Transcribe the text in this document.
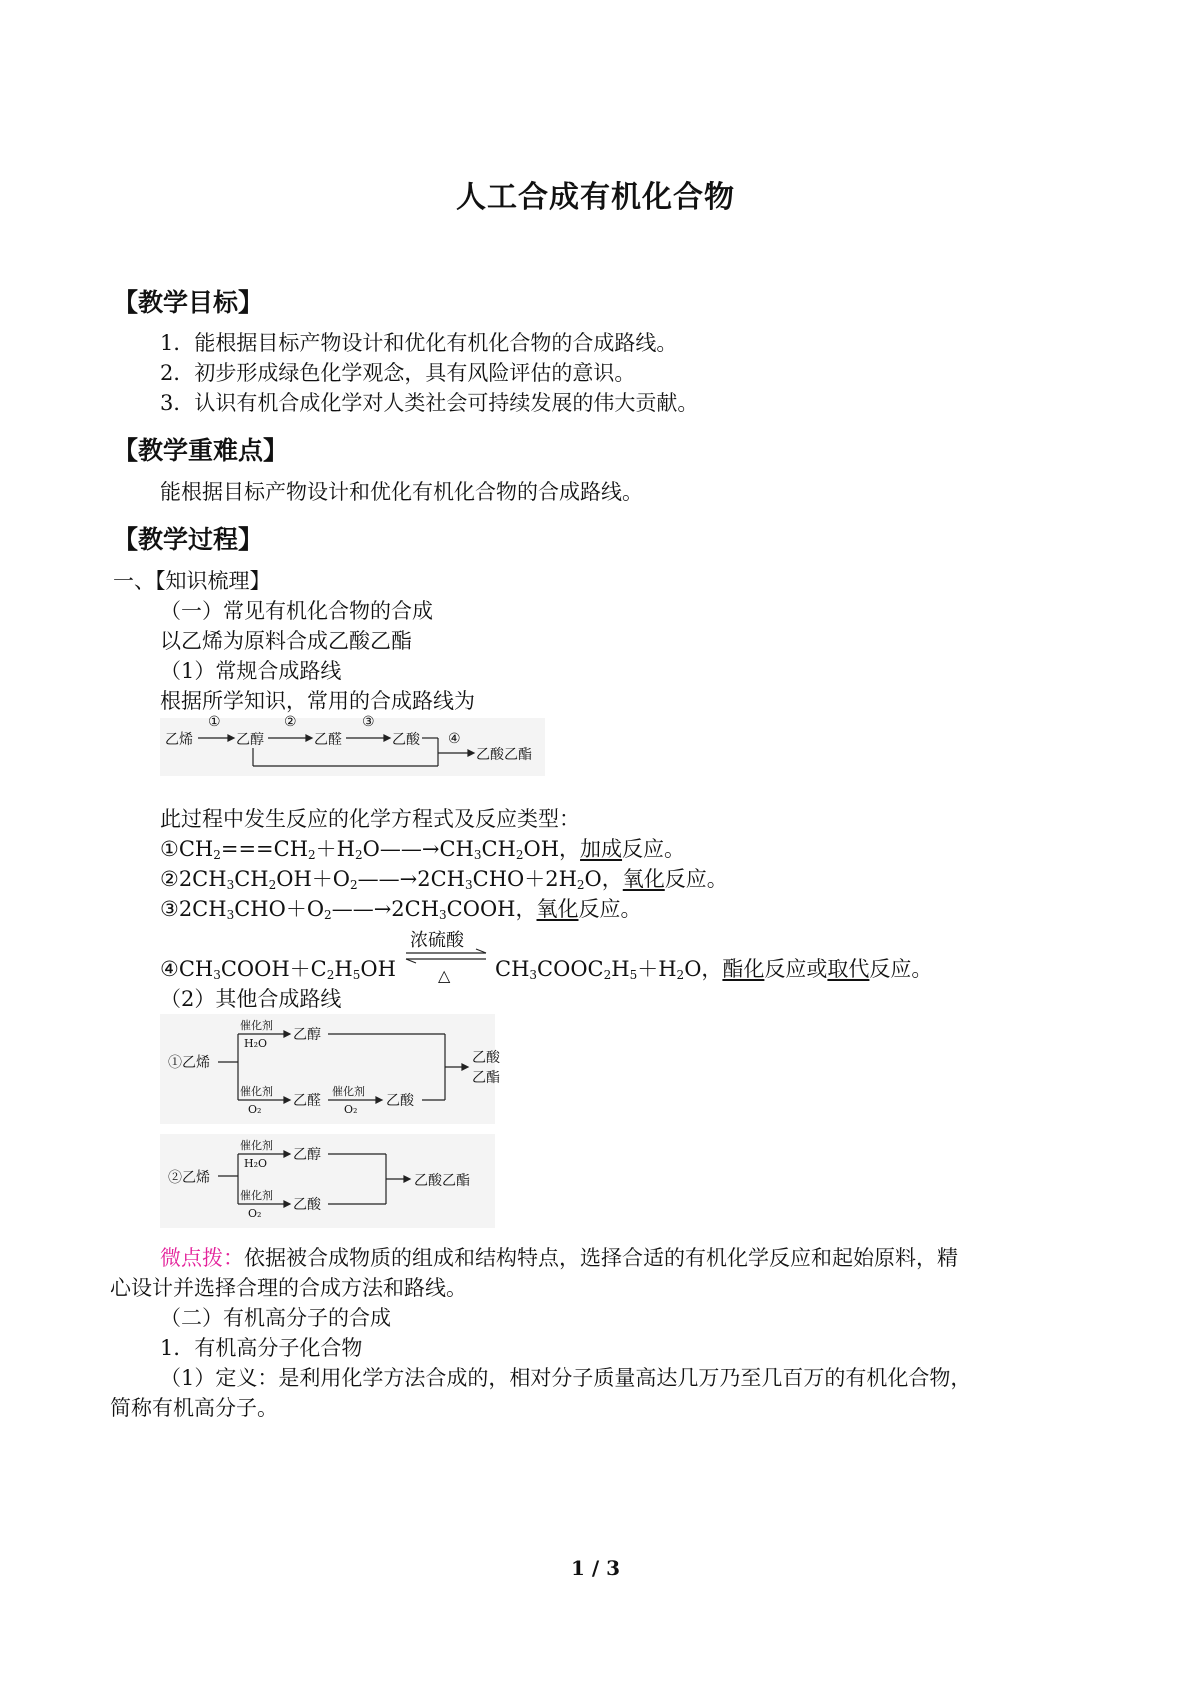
人工合成有机化合物
【教学目标】
1．能根据目标产物设计和优化有机化合物的合成路线。
2．初步形成绿色化学观念，具有风险评估的意识。
3．认识有机合成化学对人类社会可持续发展的伟大贡献。
【教学重难点】
能根据目标产物设计和优化有机化合物的合成路线。
【教学过程】
一、【知识梳理】
（一）常见有机化合物的合成
以乙烯为原料合成乙酸乙酯
（1）常规合成路线
根据所学知识，常用的合成路线为
乙烯
①
乙醇
②
乙醛
③
乙酸 ④
乙酸乙酯
此过程中发生反应的化学方程式及反应类型：
$①CH_2===CH_2+H_2O——\to CH_3CH_2OH$，加成反应。
$②2CH_3CH_2OH+O_2——\to 2CH_3CHO+2H_2O$，氧化反应。
$③2CH_3CHO+O_2——\to 2CH_3COOH$，氧化反应。
浓硫酸
△
$④CH_3COOH+C_2H_5OH$	$CH_3COOC_2H_5+H_2O$，酯化反应或取代反应。
（2）其他合成路线
①乙烯
催化剂
H₂O
乙醇
催化剂
O₂
乙醛
催化剂
O₂
乙酸
乙酸
乙酯
②乙烯
催化剂
H₂O
乙醇
催化剂
O₂
乙酸
乙酸乙酯
微点拨：依据被合成物质的组成和结构特点，选择合适的有机化学反应和起始原料，精
心设计并选择合理的合成方法和路线。
（二）有机高分子的合成
1．有机高分子化合物
（1）定义：是利用化学方法合成的，相对分子质量高达几万乃至几百万的有机化合物，
简称有机高分子。
1 / 3
